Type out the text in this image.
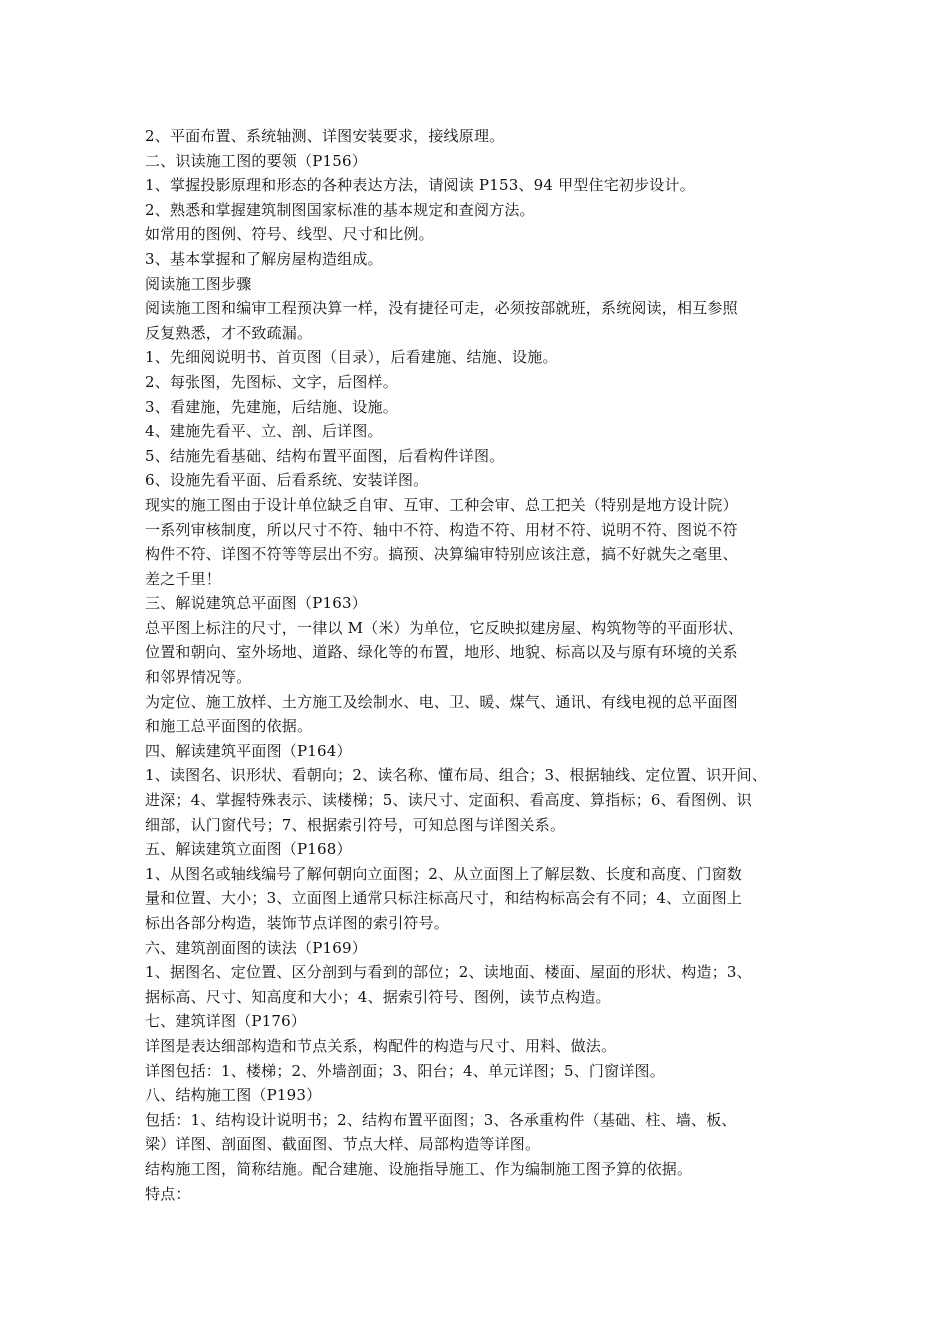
2、平面布置、系统轴测、详图安装要求，接线原理。
二、识读施工图的要领（P156）
1、掌握投影原理和形态的各种表达方法，请阅读 P153、94 甲型住宅初步设计。
2、熟悉和掌握建筑制图国家标准的基本规定和查阅方法。
如常用的图例、符号、线型、尺寸和比例。
3、基本掌握和了解房屋构造组成。
阅读施工图步骤
阅读施工图和编审工程预决算一样，没有捷径可走，必须按部就班，系统阅读，相互参照
反复熟悉，才不致疏漏。
1、先细阅说明书、首页图（目录），后看建施、结施、设施。
2、每张图，先图标、文字，后图样。
3、看建施，先建施，后结施、设施。
4、建施先看平、立、剖、后详图。
5、结施先看基础、结构布置平面图，后看构件详图。
6、设施先看平面、后看系统、安装详图。
现实的施工图由于设计单位缺乏自审、互审、工种会审、总工把关（特别是地方设计院）
一系列审核制度，所以尺寸不符、轴中不符、构造不符、用材不符、说明不符、图说不符
构件不符、详图不符等等层出不穷。搞预、决算编审特别应该注意，搞不好就失之毫里、
差之千里！
三、解说建筑总平面图（P163）
总平图上标注的尺寸，一律以 M（米）为单位，它反映拟建房屋、构筑物等的平面形状、
位置和朝向、室外场地、道路、绿化等的布置，地形、地貌、标高以及与原有环境的关系
和邻界情况等。
为定位、施工放样、土方施工及绘制水、电、卫、暖、煤气、通讯、有线电视的总平面图
和施工总平面图的依据。
四、解读建筑平面图（P164）
1、读图名、识形状、看朝向；2、读名称、懂布局、组合；3、根据轴线、定位置、识开间、
进深；4、掌握特殊表示、读楼梯；5、读尺寸、定面积、看高度、算指标；6、看图例、识
细部，认门窗代号；7、根据索引符号，可知总图与详图关系。
五、解读建筑立面图（P168）
1、从图名或轴线编号了解何朝向立面图；2、从立面图上了解层数、长度和高度、门窗数
量和位置、大小；3、立面图上通常只标注标高尺寸，和结构标高会有不同；4、立面图上
标出各部分构造，装饰节点详图的索引符号。
六、建筑剖面图的读法（P169）
1、据图名、定位置、区分剖到与看到的部位；2、读地面、楼面、屋面的形状、构造；3、
据标高、尺寸、知高度和大小；4、据索引符号、图例，读节点构造。
七、建筑详图（P176）
详图是表达细部构造和节点关系，构配件的构造与尺寸、用料、做法。
详图包括：1、楼梯；2、外墙剖面；3、阳台；4、单元详图；5、门窗详图。
八、结构施工图（P193）
包括：1、结构设计说明书；2、结构布置平面图；3、各承重构件（基础、柱、墙、板、
梁）详图、剖面图、截面图、节点大样、局部构造等详图。
结构施工图，简称结施。配合建施、设施指导施工、作为编制施工图予算的依据。
特点：
